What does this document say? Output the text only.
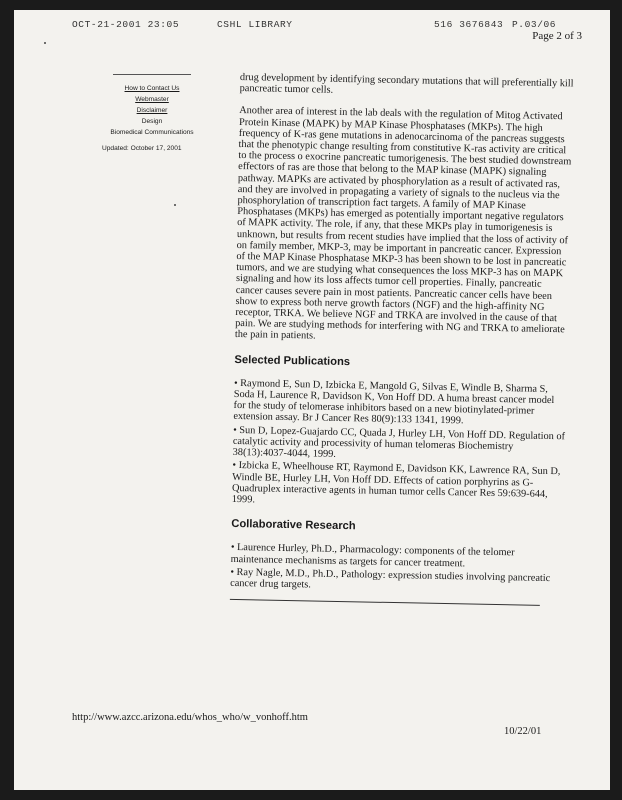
OCT-21-2001 23:05	CSHL LIBRARY	516 3676843 P.03/06
Page 2 of 3
How to Contact Us
Webmaster
Disclaimer
Design
Biomedical Communications
Updated: October 17, 2001

drug development by identifying secondary mutations that will preferentially kill pancreatic tumor cells.

Another area of interest in the lab deals with the regulation of Mitog Activated Protein Kinase (MAPK) by MAP Kinase Phosphatases (MKPs). The high frequency of K-ras gene mutations in adenocarcinoma of the pancreas suggests that the phenotypic change resulting from constitutive K-ras activity are critical to the process o exocrine pancreatic tumorigenesis. The best studied downstream effectors of ras are those that belong to the MAP kinase (MAPK) signaling pathway. MAPKs are activated by phosphorylation as a result of activated ras, and they are involved in propagating a variety of signals to the nucleus via the phosphorylation of transcription fact targets. A family of MAP Kinase Phosphatases (MKPs) has emerged as potentially important negative regulators of MAPK activity. The role, if any, that these MKPs play in tumorigenesis is unknown, but results from recent studies have implied that the loss of activity of on family member, MKP-3, may be important in pancreatic cancer. Expression of the MAP Kinase Phosphatase MKP-3 has been shown to be lost in pancreatic tumors, and we are studying what consequences the loss MKP-3 has on MAPK signaling and how its loss affects tumor cell properties. Finally, pancreatic cancer causes severe pain in most patients. Pancreatic cancer cells have been show to express both nerve growth factors (NGF) and the high-affinity NG receptor, TRKA. We believe NGF and TRKA are involved in the cause of that pain. We are studying methods for interfering with NG and TRKA to ameliorate the pain in patients.

Selected Publications
• Raymond E, Sun D, Izbicka E, Mangold G, Silvas E, Windle B, Sharma S, Soda H, Laurence R, Davidson K, Von Hoff DD. A huma breast cancer model for the study of telomerase inhibitors based on a new biotinylated-primer extension assay. Br J Cancer Res 80(9):133 1341, 1999.
• Sun D, Lopez-Guajardo CC, Quada J, Hurley LH, Von Hoff DD. Regulation of catalytic activity and processivity of human telomeras Biochemistry 38(13):4037-4044, 1999.
• Izbicka E, Wheelhouse RT, Raymond E, Davidson KK, Lawrence RA, Sun D, Windle BE, Hurley LH, Von Hoff DD. Effects of cation porphyrins as G-Quadruplex interactive agents in human tumor cells Cancer Res 59:639-644, 1999.
Collaborative Research
• Laurence Hurley, Ph.D., Pharmacology: components of the telomer maintenance mechanisms as targets for cancer treatment.
• Ray Nagle, M.D., Ph.D., Pathology: expression studies involving pancreatic cancer drug targets.
http://www.azcc.arizona.edu/whos_who/w_vonhoff.htm
10/22/01
